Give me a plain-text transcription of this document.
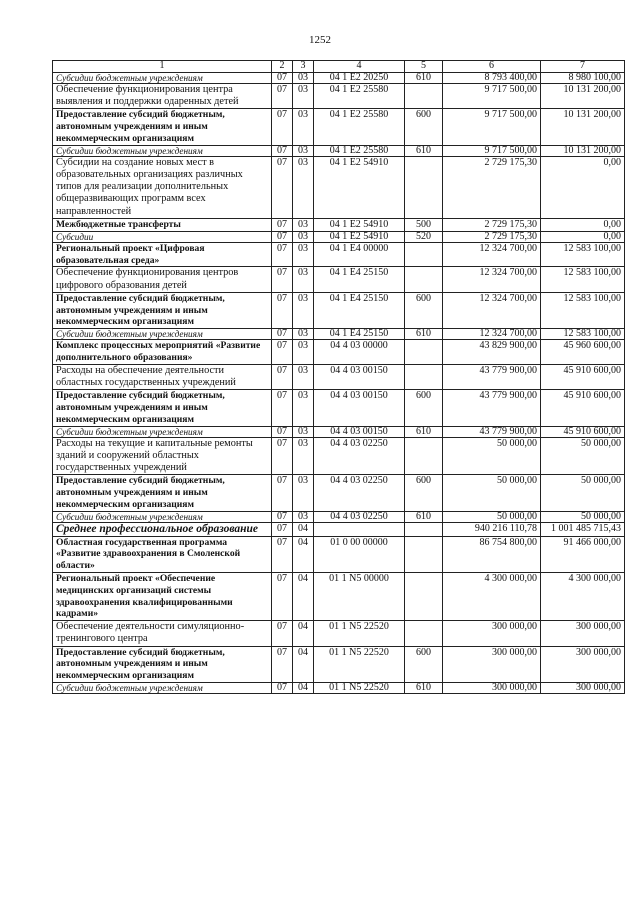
1252
1	2	3	4	5	6	7
Субсидии бюджетным учреждениям	07	03	04 1 E2 20250	610	8 793 400,00	8 980 100,00
Обеспечение функционирования центра выявления и поддержки одаренных детей	07	03	04 1 E2 25580		9 717 500,00	10 131 200,00
Предоставление субсидий бюджетным, автономным учреждениям и иным некоммерческим организациям	07	03	04 1 E2 25580	600	9 717 500,00	10 131 200,00
Субсидии бюджетным учреждениям	07	03	04 1 E2 25580	610	9 717 500,00	10 131 200,00
Субсидии на создание новых мест в образовательных организациях различных типов для реализации дополнительных общеразвивающих программ всех направленностей	07	03	04 1 E2 54910		2 729 175,30	0,00
Межбюджетные трансферты	07	03	04 1 E2 54910	500	2 729 175,30	0,00
Субсидии	07	03	04 1 E2 54910	520	2 729 175,30	0,00
Региональный проект «Цифровая образовательная среда»	07	03	04 1 E4 00000		12 324 700,00	12 583 100,00
Обеспечение функционирования центров цифрового образования детей	07	03	04 1 E4 25150		12 324 700,00	12 583 100,00
Предоставление субсидий бюджетным, автономным учреждениям и иным некоммерческим организациям	07	03	04 1 E4 25150	600	12 324 700,00	12 583 100,00
Субсидии бюджетным учреждениям	07	03	04 1 E4 25150	610	12 324 700,00	12 583 100,00
Комплекс процессных мероприятий «Развитие дополнительного образования»	07	03	04 4 03 00000		43 829 900,00	45 960 600,00
Расходы на обеспечение деятельности областных государственных учреждений	07	03	04 4 03 00150		43 779 900,00	45 910 600,00
Предоставление субсидий бюджетным, автономным учреждениям и иным некоммерческим организациям	07	03	04 4 03 00150	600	43 779 900,00	45 910 600,00
Субсидии бюджетным учреждениям	07	03	04 4 03 00150	610	43 779 900,00	45 910 600,00
Расходы на текущие и капитальные ремонты зданий и сооружений областных государственных учреждений	07	03	04 4 03 02250		50 000,00	50 000,00
Предоставление субсидий бюджетным, автономным учреждениям и иным некоммерческим организациям	07	03	04 4 03 02250	600	50 000,00	50 000,00
Субсидии бюджетным учреждениям	07	03	04 4 03 02250	610	50 000,00	50 000,00
Среднее профессиональное образование	07	04			940 216 110,78	1 001 485 715,43
Областная государственная программа «Развитие здравоохранения в Смоленской области»	07	04	01 0 00 00000		86 754 800,00	91 466 000,00
Региональный проект «Обеспечение медицинских организаций системы здравоохранения квалифицированными кадрами»	07	04	01 1 N5 00000		4 300 000,00	4 300 000,00
Обеспечение деятельности симуляционно-тренингового центра	07	04	01 1 N5 22520		300 000,00	300 000,00
Предоставление субсидий бюджетным, автономным учреждениям и иным некоммерческим организациям	07	04	01 1 N5 22520	600	300 000,00	300 000,00
Субсидии бюджетным учреждениям	07	04	01 1 N5 22520	610	300 000,00	300 000,00
